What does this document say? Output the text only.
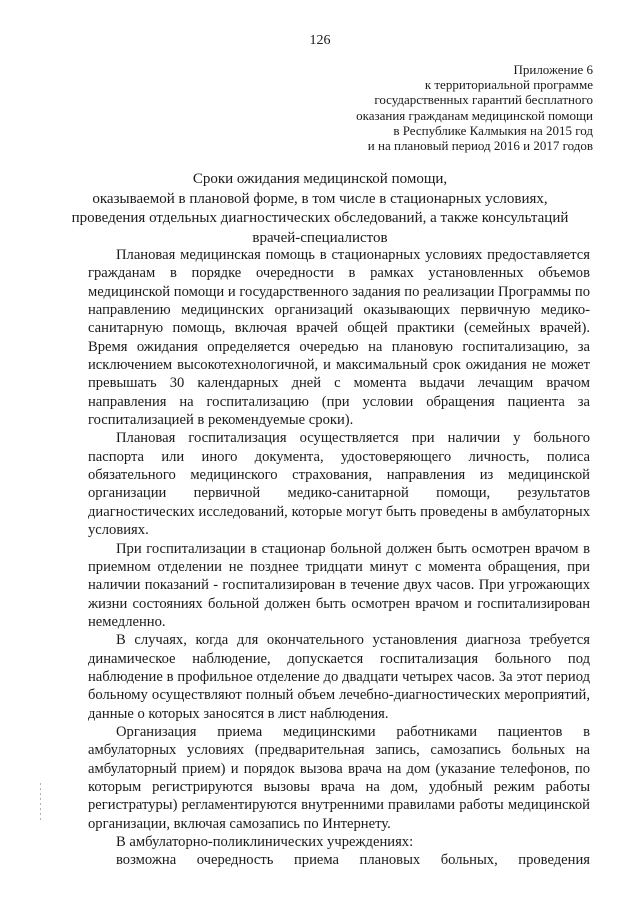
126
Приложение 6
к территориальной программе
государственных гарантий бесплатного
оказания гражданам медицинской помощи
в Республике Калмыкия на 2015 год
и на плановый период 2016 и 2017 годов
Сроки ожидания медицинской помощи,
оказываемой в плановой форме, в том числе в стационарных условиях,
проведения отдельных диагностических обследований, а также консультаций
врачей-специалистов

Плановая медицинская помощь в стационарных условиях предоставляется гражданам в порядке очередности в рамках установленных объемов медицинской помощи и государственного задания по реализации Программы по направлению медицинских организаций оказывающих первичную медико-санитарную помощь, включая врачей общей практики (семейных врачей). Время ожидания определяется очередью на плановую госпитализацию, за исключением высокотехнологичной, и максимальный срок ожидания не может превышать 30 календарных дней с момента выдачи лечащим врачом направления на госпитализацию (при условии обращения пациента за госпитализацией в рекомендуемые сроки).

Плановая госпитализация осуществляется при наличии у больного паспорта или иного документа, удостоверяющего личность, полиса обязательного медицинского страхования, направления из медицинской организации первичной медико-санитарной помощи, результатов диагностических исследований, которые могут быть проведены в амбулаторных условиях.

При госпитализации в стационар больной должен быть осмотрен врачом в приемном отделении не позднее тридцати минут с момента обращения, при наличии показаний - госпитализирован в течение двух часов. При угрожающих жизни состояниях больной должен быть осмотрен врачом и госпитализирован немедленно.

В случаях, когда для окончательного установления диагноза требуется динамическое наблюдение, допускается госпитализация больного под наблюдение в профильное отделение до двадцати четырех часов. За этот период больному осуществляют полный объем лечебно-диагностических мероприятий, данные о которых заносятся в лист наблюдения.

Организация приема медицинскими работниками пациентов в амбулаторных условиях (предварительная запись, самозапись больных на амбулаторный прием) и порядок вызова врача на дом (указание телефонов, по которым регистрируются вызовы врача на дом, удобный режим работы регистратуры) регламентируются внутренними правилами работы медицинской организации, включая самозапись по Интернету.

В амбулаторно-поликлинических учреждениях:

возможна очередность приема плановых больных, проведения
